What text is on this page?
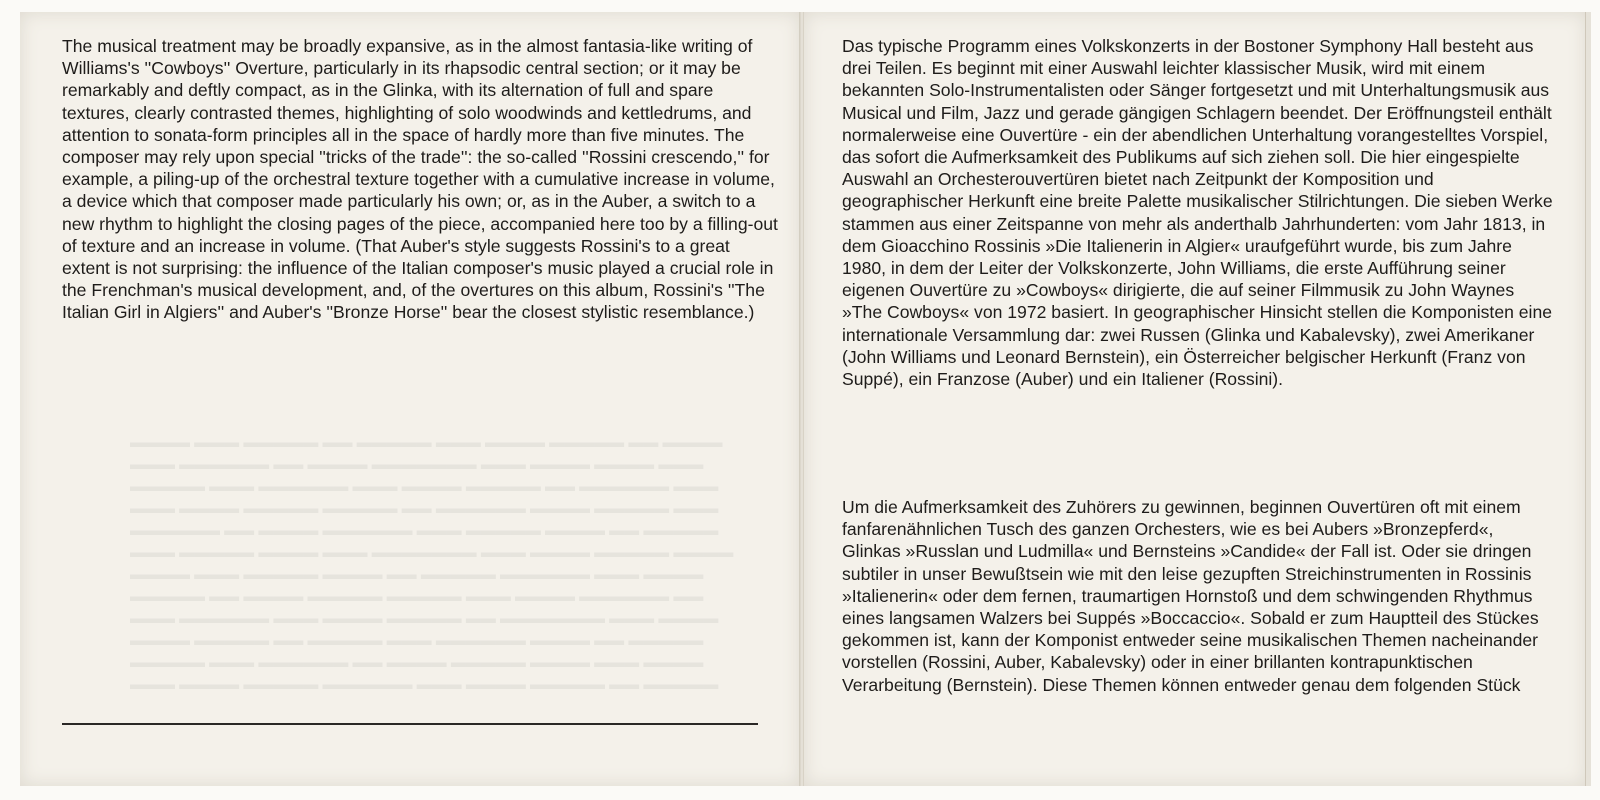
▬▬▬▬ ▬▬▬ ▬▬▬▬▬ ▬▬ ▬▬▬▬▬ ▬▬▬ ▬▬▬▬ ▬▬▬▬▬ ▬▬ ▬▬▬▬
▬▬▬ ▬▬▬▬▬▬ ▬▬ ▬▬▬▬ ▬▬▬▬▬▬▬ ▬▬▬ ▬▬▬▬ ▬▬▬▬ ▬▬▬
▬▬▬▬▬ ▬▬▬ ▬▬▬▬▬▬ ▬▬▬ ▬▬▬▬ ▬▬▬▬▬ ▬▬ ▬▬▬▬▬▬ ▬▬▬
▬▬▬ ▬▬▬▬ ▬▬▬▬▬ ▬▬▬▬▬ ▬▬ ▬▬▬▬▬▬ ▬▬▬▬ ▬▬▬▬▬ ▬▬▬
▬▬▬▬▬▬ ▬▬ ▬▬▬▬ ▬▬▬▬▬▬ ▬▬▬ ▬▬▬▬▬ ▬▬▬▬ ▬▬ ▬▬▬▬▬
▬▬▬ ▬▬▬▬▬ ▬▬▬▬ ▬▬▬ ▬▬▬▬▬▬▬ ▬▬▬ ▬▬▬▬ ▬▬▬▬▬ ▬▬▬▬
▬▬▬▬ ▬▬▬ ▬▬▬▬▬ ▬▬▬▬ ▬▬ ▬▬▬▬▬ ▬▬▬▬▬▬ ▬▬▬ ▬▬▬▬
▬▬▬▬▬ ▬▬ ▬▬▬▬ ▬▬▬▬▬ ▬▬▬▬▬ ▬▬▬ ▬▬▬▬ ▬▬▬▬▬▬ ▬▬
▬▬▬ ▬▬▬▬▬▬ ▬▬▬ ▬▬▬▬ ▬▬▬▬▬ ▬▬ ▬▬▬▬▬▬▬ ▬▬▬ ▬▬▬▬
▬▬▬▬ ▬▬▬▬▬ ▬▬ ▬▬▬▬▬ ▬▬▬ ▬▬▬▬▬▬ ▬▬▬▬ ▬▬ ▬▬▬▬▬
▬▬▬▬▬ ▬▬▬ ▬▬▬▬▬▬ ▬▬ ▬▬▬▬ ▬▬▬▬▬ ▬▬▬▬ ▬▬▬ ▬▬▬▬
▬▬▬ ▬▬▬▬ ▬▬▬▬▬ ▬▬▬▬▬▬ ▬▬▬ ▬▬▬▬ ▬▬▬▬▬ ▬▬ ▬▬▬▬▬

The musical treatment may be broadly expansive, as in the almost fantasia-like writing of Williams's ''Cowboys'' Overture, particularly in its rhapsodic central section; or it may be remarkably and deftly compact, as in the Glinka, with its alternation of full and spare textures, clearly contrasted themes, highlighting of solo woodwinds and kettledrums, and attention to sonata-form principles all in the space of hardly more than five minutes. The composer may rely upon special ''tricks of the trade'': the so-called ''Rossini crescendo,'' for example, a piling-up of the orchestral texture together with a cumulative increase in volume, a device which that composer made particularly his own; or, as in the Auber, a switch to a new rhythm to highlight the closing pages of the piece, accompanied here too by a filling-out of texture and an increase in volume. (That Auber's style suggests Rossini's to a great extent is not surprising: the influence of the Italian composer's music played a crucial role in the Frenchman's musical development, and, of the overtures on this album, Rossini's ''The Italian Girl in Algiers'' and Auber's ''Bronze Horse'' bear the closest stylistic resemblance.)

Das typische Programm eines Volkskonzerts in der Bostoner Symphony Hall besteht aus drei Teilen. Es beginnt mit einer Auswahl leichter klassischer Musik, wird mit einem bekannten Solo-Instrumentalisten oder Sänger fortgesetzt und mit Unterhaltungsmusik aus Musical und Film, Jazz und gerade gängigen Schlagern beendet. Der Eröffnungsteil enthält normalerweise eine Ouvertüre - ein der abendlichen Unterhaltung vorangestelltes Vorspiel, das sofort die Aufmerksamkeit des Publikums auf sich ziehen soll. Die hier eingespielte Auswahl an Orchesterouvertüren bietet nach Zeitpunkt der Komposition und geographischer Herkunft eine breite Palette musikalischer Stilrichtungen. Die sieben Werke stammen aus einer Zeitspanne von mehr als anderthalb Jahrhunderten: vom Jahr 1813, in dem Gioacchino Rossinis »Die Italienerin in Algier« uraufgeführt wurde, bis zum Jahre 1980, in dem der Leiter der Volkskonzerte, John Williams, die erste Aufführung seiner eigenen Ouvertüre zu »Cowboys« dirigierte, die auf seiner Filmmusik zu John Waynes »The Cowboys« von 1972 basiert. In geographischer Hinsicht stellen die Komponisten eine internationale Versammlung dar: zwei Russen (Glinka und Kabalevsky), zwei Amerikaner (John Williams und Leonard Bernstein), ein Österreicher belgischer Herkunft (Franz von Suppé), ein Franzose (Auber) und ein Italiener (Rossini).

Um die Aufmerksamkeit des Zuhörers zu gewinnen, beginnen Ouvertüren oft mit einem fanfarenähnlichen Tusch des ganzen Orchesters, wie es bei Aubers »Bronzepferd«, Glinkas »Russlan und Ludmilla« und Bernsteins »Candide« der Fall ist. Oder sie dringen subtiler in unser Bewußtsein wie mit den leise gezupften Streichinstrumenten in Rossinis »Italienerin« oder dem fernen, traumartigen Hornstoß und dem schwingenden Rhythmus eines langsamen Walzers bei Suppés »Boccaccio«. Sobald er zum Hauptteil des Stückes gekommen ist, kann der Komponist entweder seine musikalischen Themen nacheinander vorstellen (Rossini, Auber, Kabalevsky) oder in einer brillanten kontrapunktischen Verarbeitung (Bernstein). Diese Themen können entweder genau dem folgenden Stück
